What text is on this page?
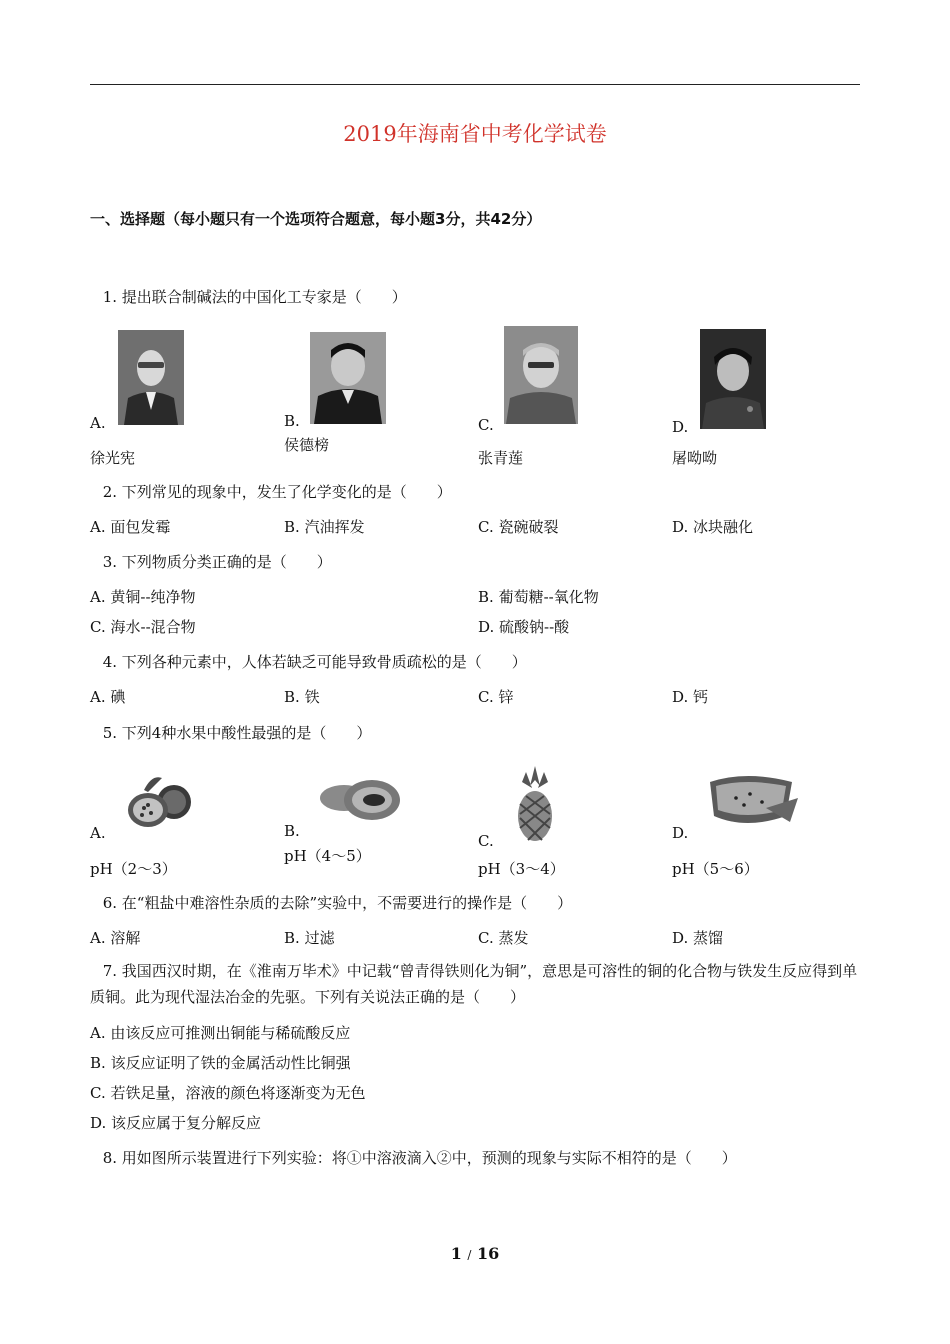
2019年海南省中考化学试卷
一、选择题（每小题只有一个选项符合题意，每小题3分，共42分）
1. 提出联合制碱法的中国化工专家是（　　）
A.
徐光宪
B.
侯德榜
C.
张青莲
D.
屠呦呦
2. 下列常见的现象中，发生了化学变化的是（　　）
A. 面包发霉	B. 汽油挥发	C. 瓷碗破裂	D. 冰块融化
3. 下列物质分类正确的是（　　）
A. 黄铜--纯净物	B. 葡萄糖--氧化物
C. 海水--混合物	D. 硫酸钠--酸
4. 下列各种元素中，人体若缺乏可能导致骨质疏松的是（　　）
A. 碘	B. 铁	C. 锌	D. 钙
5. 下列4种水果中酸性最强的是（　　）
A.
pH（2～3）
B.
pH（4～5）
C.
pH（3～4）
D.
pH（5～6）
6. 在“粗盐中难溶性杂质的去除”实验中，不需要进行的操作是（　　）
A. 溶解	B. 过滤	C. 蒸发	D. 蒸馏
7. 我国西汉时期，在《淮南万毕术》中记载“曾青得铁则化为铜”，意思是可溶性的铜的化合物与铁发生反应得到单质铜。此为现代湿法冶金的先驱。下列有关说法正确的是（　　）
A. 由该反应可推测出铜能与稀硫酸反应
B. 该反应证明了铁的金属活动性比铜强
C. 若铁足量，溶液的颜色将逐渐变为无色
D. 该反应属于复分解反应
8. 用如图所示装置进行下列实验：将①中溶液滴入②中，预测的现象与实际不相符的是（　　）
1 / 16
